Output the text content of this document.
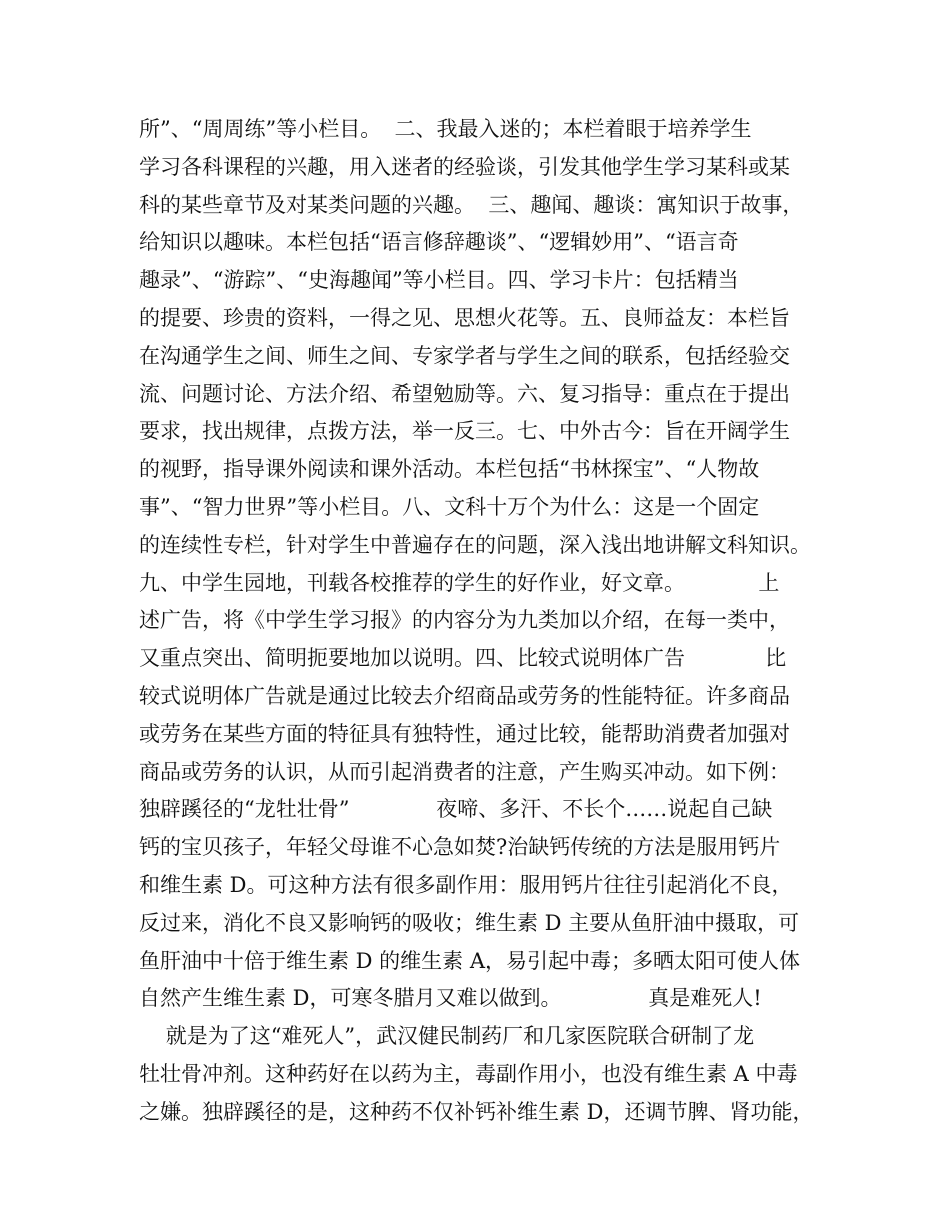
所”、“周周练”等小栏目。  二、我最入迷的；本栏着眼于培养学生
学习各科课程的兴趣，用入迷者的经验谈，引发其他学生学习某科或某
科的某些章节及对某类问题的兴趣。  三、趣闻、趣谈：寓知识于故事，
给知识以趣味。本栏包括“语言修辞趣谈”、“逻辑妙用”、“语言奇
趣录”、“游踪”、“史海趣闻”等小栏目。四、学习卡片：包括精当
的提要、珍贵的资料，一得之见、思想火花等。五、良师益友：本栏旨
在沟通学生之间、师生之间、专家学者与学生之间的联系，包括经验交
流、问题讨论、方法介绍、希望勉励等。六、复习指导：重点在于提出
要求，找出规律，点拨方法，举一反三。七、中外古今：旨在开阔学生
的视野，指导课外阅读和课外活动。本栏包括“书林探宝”、“人物故
事”、“智力世界”等小栏目。八、文科十万个为什么：这是一个固定
的连续性专栏，针对学生中普遍存在的问题，深入浅出地讲解文科知识。
九、中学生园地，刊载各校推荐的学生的好作业，好文章。           上
述广告，将《中学生学习报》的内容分为九类加以介绍，在每一类中，
又重点突出、简明扼要地加以说明。四、比较式说明体广告            比
较式说明体广告就是通过比较去介绍商品或劳务的性能特征。许多商品
或劳务在某些方面的特征具有独特性，通过比较，能帮助消费者加强对
商品或劳务的认识，从而引起消费者的注意，产生购买冲动。如下例：
独辟蹊径的“龙牡壮骨”             夜啼、多汗、不长个……说起自己缺
钙的宝贝孩子，年轻父母谁不心急如焚?治缺钙传统的方法是服用钙片
和维生素 D。可这种方法有很多副作用：服用钙片往往引起消化不良，
反过来，消化不良又影响钙的吸收；维生素 D 主要从鱼肝油中摄取，可
鱼肝油中十倍于维生素 D 的维生素 A，易引起中毒；多晒太阳可使人体
自然产生维生素 D，可寒冬腊月又难以做到。             真是难死人!
就是为了这“难死人”，武汉健民制药厂和几家医院联合研制了龙
牡壮骨冲剂。这种药好在以药为主，毒副作用小，也没有维生素 A 中毒
之嫌。独辟蹊径的是，这种药不仅补钙补维生素 D，还调节脾、肾功能，
